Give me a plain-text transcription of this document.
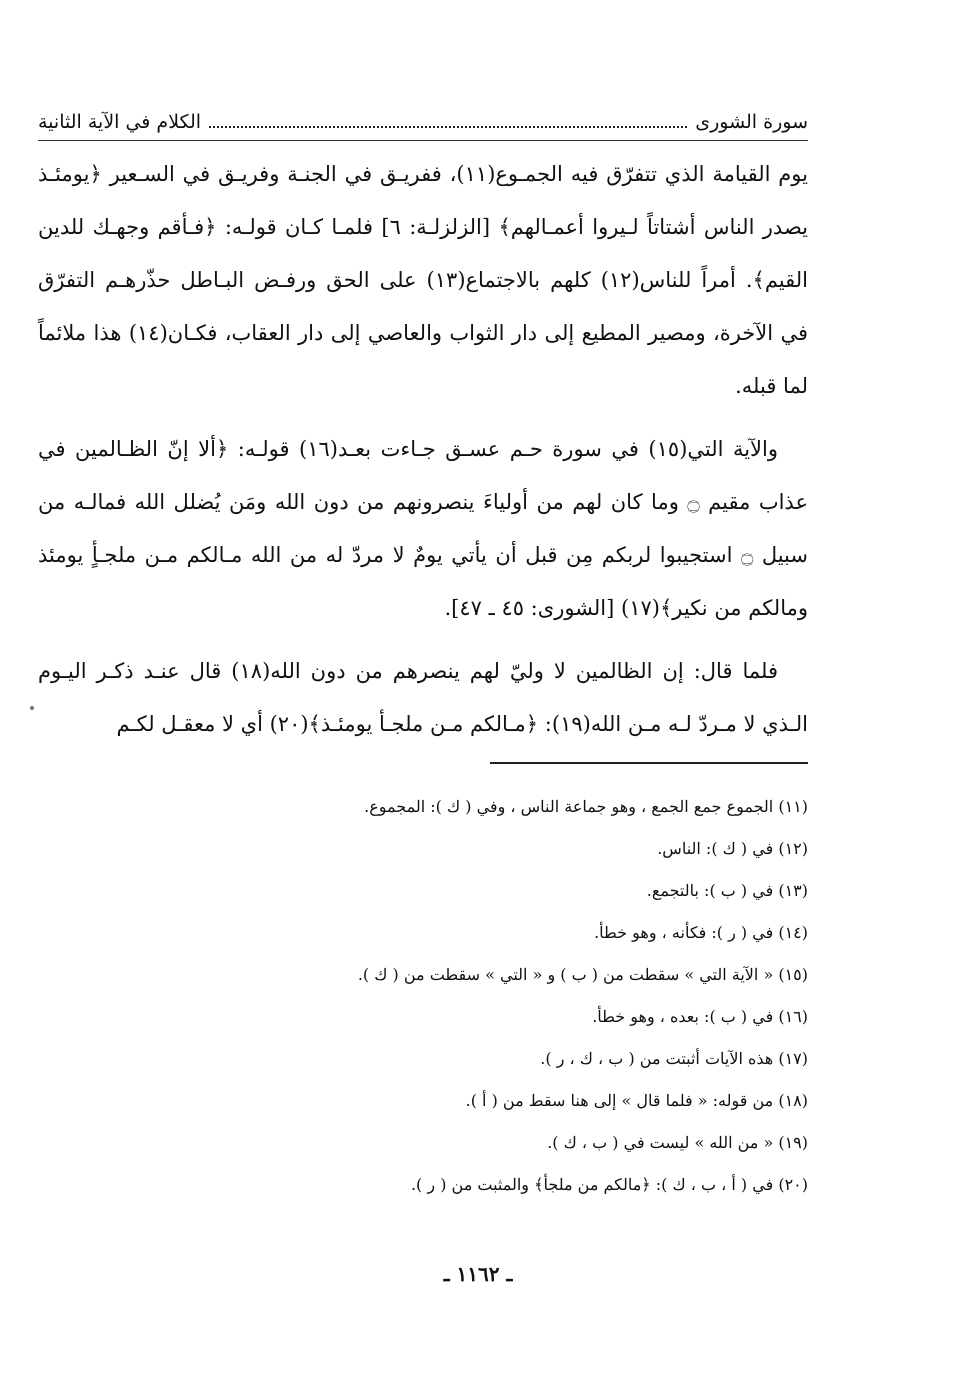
سورة الشورى
الكلام في الآية الثانية

يوم القيامة الذي تتفرّق فيه الجمـوع(١١)، ففريـق في الجنـة وفريـق في السـعير ﴿يومئـذ يصدر الناس أشتاتاً لـيروا أعمـالهم﴾ [الزلزلـة: ٦] فلمـا كـان قولـه: ﴿فـأقم وجهـك للدين القيم﴾. أمراً للناس(١٢) كلهم بالاجتماع(١٣) على الحق ورفـض البـاطل حذّرهـم التفرّق في الآخرة، ومصير المطيع إلى دار الثواب والعاصي إلى دار العقاب، فكـان(١٤) هذا ملائماً لما قبله.

والآية التي(١٥) في سورة حـم عسـق جـاءت بعـد(١٦) قولـه: ﴿ألا إنّ الظـالمين في عذاب مقيم ۝ وما كان لهم من أولياءَ ينصرونهم من دون الله ومَن يُضلل الله فمالـه من سبيل ۝ استجيبوا لربكم مِن قبل أن يأتي يومٌ لا مردّ له من الله مـالكم مـن ملجـأٍ يومئذ ومالكم من نكير﴾(١٧) [الشورى: ٤٥ ـ ٤٧].

فلما قال: إن الظالمين لا وليّ لهم ينصرهم من دون الله(١٨) قال عنـد ذكـر اليـوم الـذي لا مـردّ لـه مـن الله(١٩): ﴿مـالكم مـن ملجـأ يومئـذ﴾(٢٠) أي لا معقـل لكـم

(١١) الجموع جمع الجمع ، وهو جماعة الناس ، وفي ( ك ): المجموع.
(١٢) في ( ك ): الناس.
(١٣) في ( ب ): بالتجمع.
(١٤) في ( ر ): فكأنه ، وهو خطأ.
(١٥) « الآية التي » سقطت من ( ب ) و « التي » سقطت من ( ك ).
(١٦) في ( ب ): بعده ، وهو خطأ.
(١٧) هذه الآيات أثبتت من ( ب ، ك ، ر ).
(١٨) من قوله: « فلما قال » إلى هنا سقط من ( أ ).
(١٩) « من الله » ليست في ( ب ، ك ).
(٢٠) في ( أ ، ب ، ك ): ﴿مالكم من ملجأ﴾ والمثبت من ( ر ).
ـ ١١٦٢ ـ
